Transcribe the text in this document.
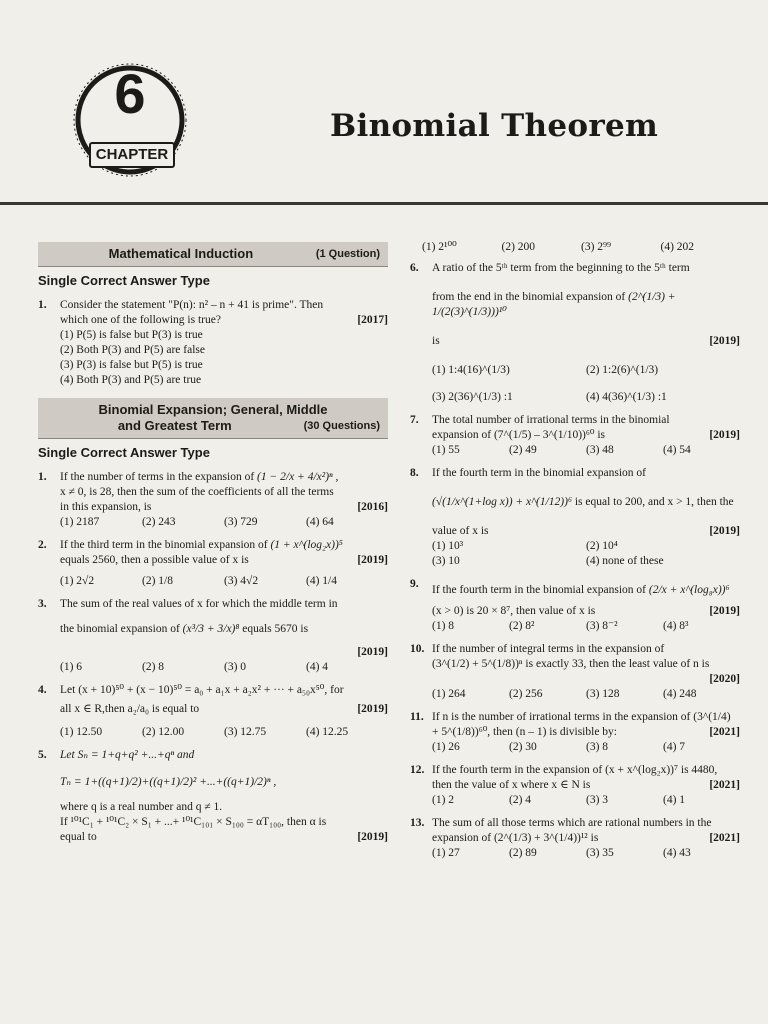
6
CHAPTER
Binomial Theorem
Mathematical Induction	(1 Question)
Single Correct Answer Type
1.	Consider the statement "P(n): n² – n + 41 is prime". Then
[2017]
which one of the following is true?
(1) P(5) is false but P(3) is true
(2) Both P(3) and P(5) are false
(3) P(3) is false but P(5) is true
(4) Both P(3) and P(5) are true
Binomial Expansion; General, Middle
and Greatest Term	(30 Questions)
Single Correct Answer Type
1.	If the number of terms in the expansion of (1 − 2/x + 4/x²)ⁿ ,
x ≠ 0, is 28, then the sum of the coefficients of all the terms
[2016]
in this expansion, is
(1) 2187	(2) 243	(3) 729	(4) 64
2.	If the third term in the binomial expansion of (1 + x^(log₂x))⁵
[2019]
equals 2560, then a possible value of x is
(1) 2√2	(2) 1/8	(3) 4√2	(4) 1/4
3.	The sum of the real values of x for which the middle term in
the binomial expansion of (x³/3 + 3/x)⁸ equals 5670 is
[2019]
(1) 6	(2) 8	(3) 0	(4) 4
4.	Let (x + 10)⁵⁰ + (x − 10)⁵⁰ = a₀ + a₁x + a₂x² + ··· + a₅₀x⁵⁰, for
[2019]
all x ∈ R,then a₂/a₀ is equal to
(1) 12.50	(2) 12.00	(3) 12.75	(4) 12.25
5.	Let Sₙ = 1+q+q² +...+qⁿ and
Tₙ = 1+((q+1)/2)+((q+1)/2)² +...+((q+1)/2)ⁿ ,
where q is a real number and q ≠ 1.
If ¹⁰¹C₁ + ¹⁰¹C₂ × S₁ + ...+ ¹⁰¹C₁₀₁ × S₁₀₀ = αT₁₀₀, then α is
[2019]
equal to
(1) 2¹⁰⁰	(2) 200	(3) 2⁹⁹	(4) 202
6.	A ratio of the 5ᵗʰ term from the beginning to the 5ᵗʰ term
from the end in the binomial expansion of (2^(1/3) + 1/(2(3)^(1/3)))¹⁰
[2019]
is
(1) 1:4(16)^(1/3)	(2) 1:2(6)^(1/3)
(3) 2(36)^(1/3) :1	(4) 4(36)^(1/3) :1
7.	The total number of irrational terms in the binomial
[2019]
expansion of (7^(1/5) – 3^(1/10))⁶⁰ is
(1) 55	(2) 49	(3) 48	(4) 54
8.	If the fourth term in the binomial expansion of
(√(1/x^(1+log x)) + x^(1/12))⁶ is equal to 200, and x > 1, then the
[2019]
value of x is
(1) 10³	(2) 10⁴
(3) 10	(4) none of these
9.	If the fourth term in the binomial expansion of (2/x + x^(log₈x))⁶
[2019]
(x > 0) is 20 × 8⁷, then value of x is
(1) 8	(2) 8²	(3) 8⁻²	(4) 8³
10. If the number of integral terms in the expansion of
(3^(1/2) + 5^(1/8))ⁿ is exactly 33, then the least value of n is
[2020]
(1) 264	(2) 256	(3) 128	(4) 248
11. If n is the number of irrational terms in the expansion of (3^(1/4)
[2021]
+ 5^(1/8))⁶⁰, then (n – 1) is divisible by:
(1) 26	(2) 30	(3) 8	(4) 7
12. If the fourth term in the expansion of (x + x^(log₂x))⁷ is 4480,
[2021]
then the value of x where x ∈ N is
(1) 2	(2) 4	(3) 3	(4) 1
13. The sum of all those terms which are rational numbers in the
[2021]
expansion of (2^(1/3) + 3^(1/4))¹² is
(1) 27	(2) 89	(3) 35	(4) 43
